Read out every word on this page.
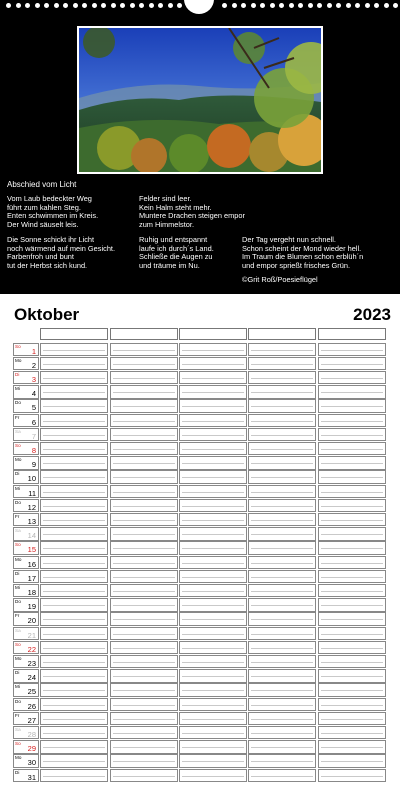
Abschied vom Licht
Vom Laub bedeckter Weg
führt zum kahlen Steg.
Enten schwimmen im Kreis.
Der Wind säuselt leis.
Die Sonne schickt ihr Licht
noch wärmend auf mein Gesicht.
Farbenfroh und bunt
tut der Herbst sich kund.
Felder sind leer.
Kein Halm steht mehr.
Muntere Drachen steigen empor
zum Himmelstor.
Ruhig und entspannt
laufe ich durch´s Land.
Schließe die Augen zu
und träume im Nu.
Der Tag vergeht nun schnell.
Schon scheint der Mond wieder hell.
Im Traum die Blumen schon erblüh´n
und empor sprießt frisches Grün.
©Grit Roß/Poesieflügel
Oktober	2023
So
1
Mo
2
Di
3
Mi
4
Do
5
Fr
6
Sa
7
So
8
Mo
9
Di
10
Mi
11
Do
12
Fr
13
Sa
14
So
15
Mo
16
Di
17
Mi
18
Do
19
Fr
20
Sa
21
So
22
Mo
23
Di
24
Mi
25
Do
26
Fr
27
Sa
28
So
29
Mo
30
Di
31
